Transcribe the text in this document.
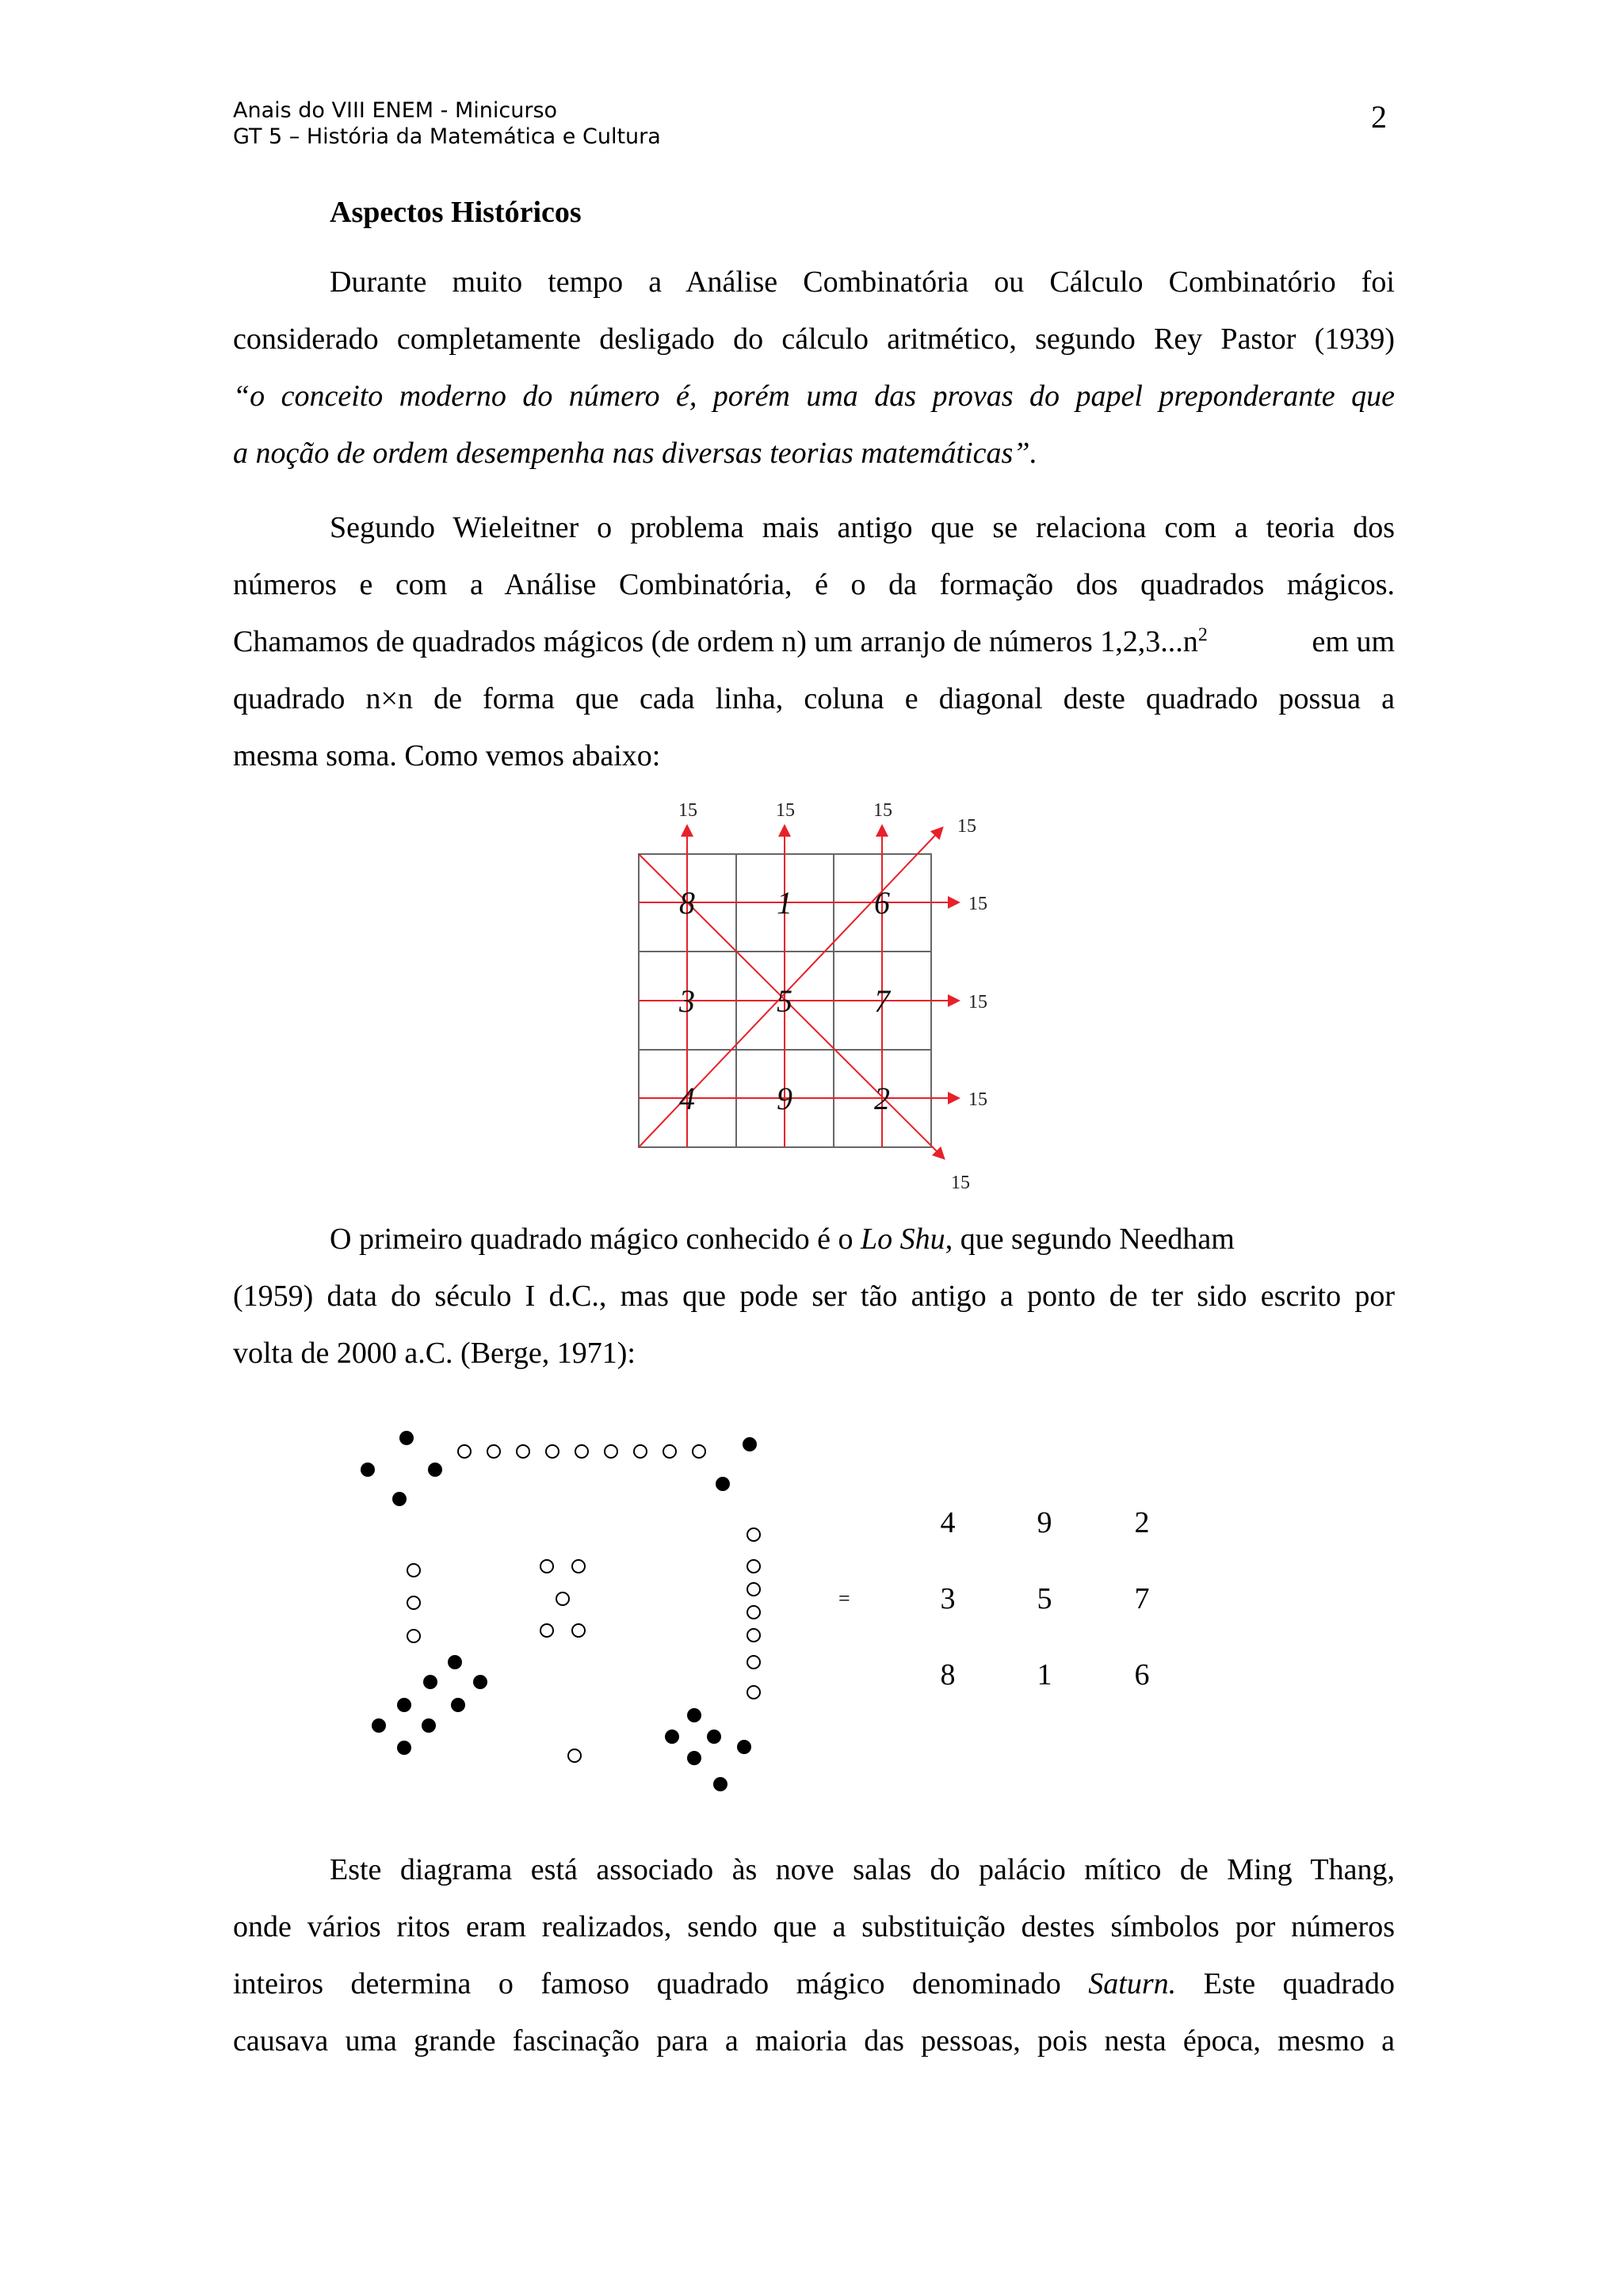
Anais do VIII ENEM - Minicurso
GT 5 – História da Matemática e Cultura
2
Aspectos Históricos
Durante muito tempo a Análise Combinatória ou Cálculo Combinatório foi
considerado completamente desligado do cálculo aritmético, segundo Rey Pastor (1939)
“o conceito moderno do número é, porém uma das provas do papel preponderante que
a noção de ordem desempenha nas diversas teorias matemáticas”.
Segundo Wieleitner o problema mais antigo que se relaciona com a teoria dos
números e com a Análise Combinatória, é o da formação dos quadrados mágicos.
Chamamos de quadrados mágicos (de ordem n) um arranjo de números $1,2,3...n^2$	em um
quadrado n×n de forma que cada linha, coluna e diagonal deste quadrado possua a
mesma soma. Como vemos abaixo:
15	15	15
15
15
15
15
15
8	1	6
3	5	7
4	9	2
O primeiro quadrado mágico conhecido é o Lo Shu, que segundo Needham
(1959) data do século I d.C., mas que pode ser tão antigo a ponto de ter sido escrito por
volta de 2000 a.C. (Berge, 1971):
=
4	9	2
3	5	7
8	1	6
Este diagrama está associado às nove salas do palácio mítico de Ming Thang,
onde vários ritos eram realizados, sendo que a substituição destes símbolos por números
inteiros determina o famoso quadrado mágico denominado Saturn. Este quadrado
causava uma grande fascinação para a maioria das pessoas, pois nesta época, mesmo a
